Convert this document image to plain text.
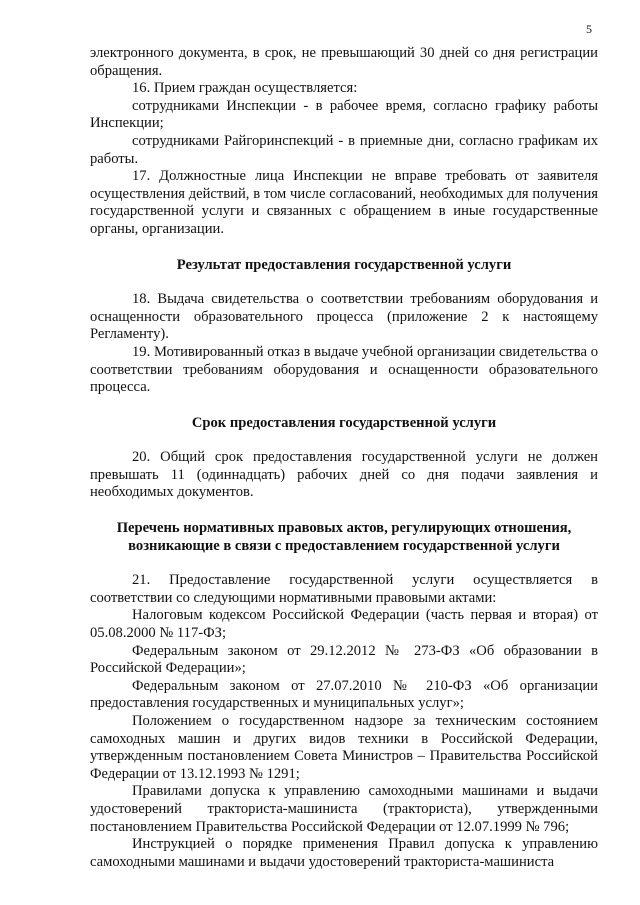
5

электронного документа, в срок, не превышающий 30 дней со дня регистрации обращения.

16. Прием граждан осуществляется:

сотрудниками Инспекции - в рабочее время, согласно графику работы Инспекции;

сотрудниками Райгоринспекций - в приемные дни, согласно графикам их работы.

17. Должностные лица Инспекции не вправе требовать от заявителя осуществления действий, в том числе согласований, необходимых для получения государственной услуги и связанных с обращением в иные государственные органы, организации.

Результат предоставления государственной услуги

18. Выдача свидетельства о соответствии требованиям оборудования и оснащенности образовательного процесса (приложение 2 к настоящему Регламенту).

19. Мотивированный отказ в выдаче учебной организации свидетельства о соответствии требованиям оборудования и оснащенности образовательного процесса.

Срок предоставления государственной услуги

20. Общий срок предоставления государственной услуги не должен превышать 11 (одиннадцать) рабочих дней со дня подачи заявления и необходимых документов.

Перечень нормативных правовых актов, регулирующих отношения, возникающие в связи с предоставлением государственной услуги

21. Предоставление государственной услуги осуществляется в соответствии со следующими нормативными правовыми актами:

Налоговым кодексом Российской Федерации (часть первая и вторая) от 05.08.2000 № 117-ФЗ;

Федеральным законом от 29.12.2012 № 273-ФЗ «Об образовании в Российской Федерации»;

Федеральным законом от 27.07.2010 № 210-ФЗ «Об организации предоставления государственных и муниципальных услуг»;

Положением о государственном надзоре за техническим состоянием самоходных машин и других видов техники в Российской Федерации, утвержденным постановлением Совета Министров – Правительства Российской Федерации от 13.12.1993 № 1291;

Правилами допуска к управлению самоходными машинами и выдачи удостоверений тракториста-машиниста (тракториста), утвержденными постановлением Правительства Российской Федерации от 12.07.1999 № 796;

Инструкцией о порядке применения Правил допуска к управлению самоходными машинами и выдачи удостоверений тракториста-машиниста
